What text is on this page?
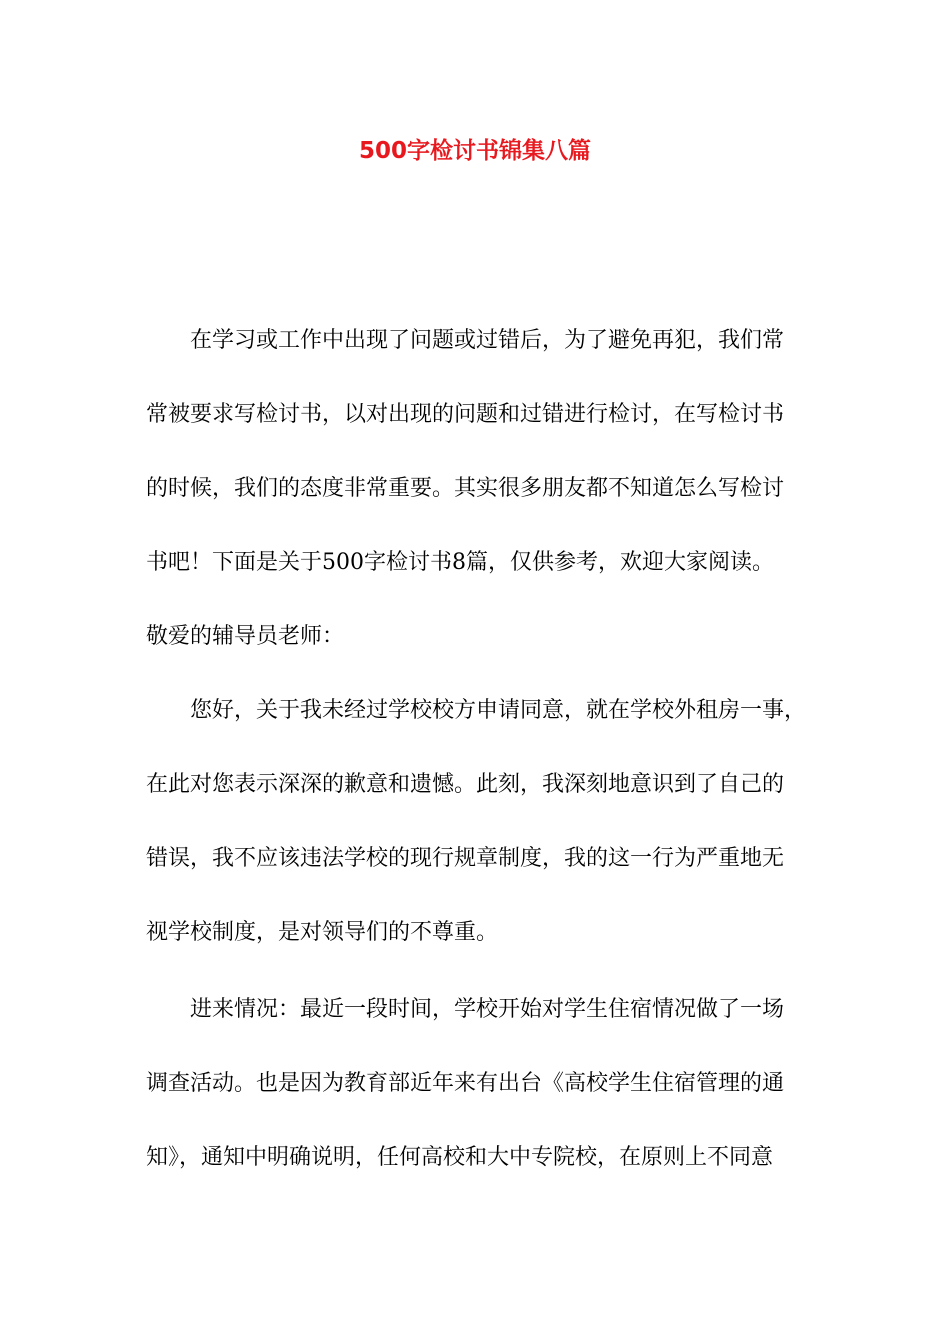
500字检讨书锦集八篇
在学习或工作中出现了问题或过错后，为了避免再犯，我们常
常被要求写检讨书，以对出现的问题和过错进行检讨，在写检讨书
的时候，我们的态度非常重要。其实很多朋友都不知道怎么写检讨
书吧！下面是关于500字检讨书8篇，仅供参考，欢迎大家阅读。
敬爱的辅导员老师：
您好，关于我未经过学校校方申请同意，就在学校外租房一事，
在此对您表示深深的歉意和遗憾。此刻，我深刻地意识到了自己的
错误，我不应该违法学校的现行规章制度，我的这一行为严重地无
视学校制度，是对领导们的不尊重。
进来情况：最近一段时间，学校开始对学生住宿情况做了一场
调查活动。也是因为教育部近年来有出台《高校学生住宿管理的通
知》，通知中明确说明，任何高校和大中专院校，在原则上不同意
